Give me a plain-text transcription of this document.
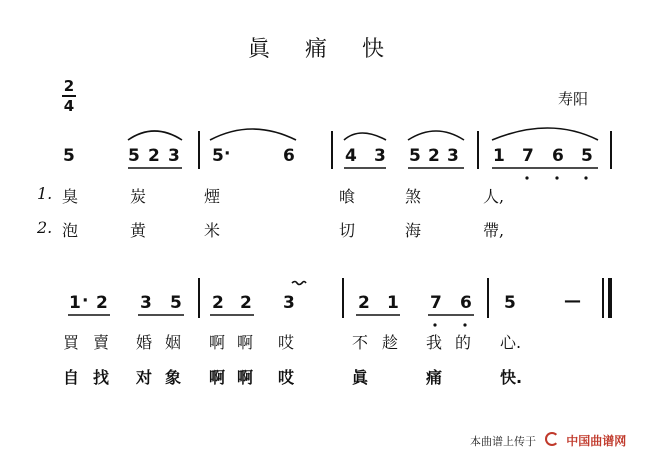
眞 痛 快
寿阳
2
4
5	5 2 3 5 ·	6	4 3 5 2 3 1 7 6 5
1. 臭	炭	煙	喰	煞	人,
2. 泡	黄	米	切	海	帶,
1 · 2 3 5 2 2 3	2 1 7 6 5	—
買 賣 婚 姻 啊 啊 哎	不 趁 我 的 心.
自 找 对 象 啊 啊 哎	眞	痛	快.
本曲谱上传于	中国曲谱网
